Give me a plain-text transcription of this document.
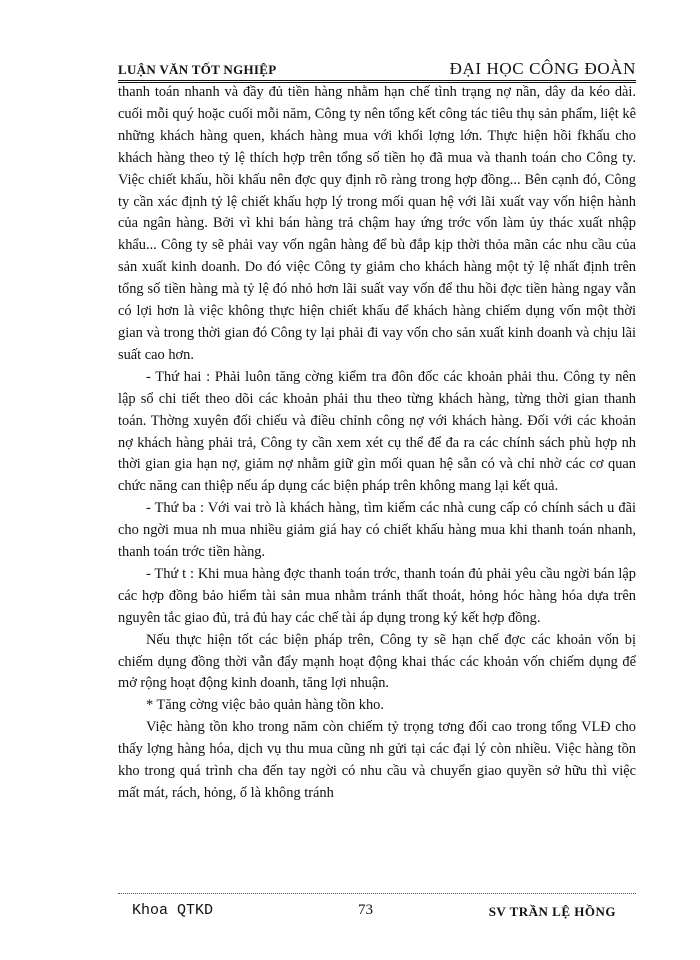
LUẬN VĂN TỐT NGHIỆP	ĐẠI HỌC CÔNG ĐOÀN

thanh toán nhanh và đầy đủ tiền hàng nhằm hạn chế tình trạng nợ nần, dây da kéo dài. cuối mỗi quý hoặc cuối mỗi năm, Công ty nên tổng kết công tác tiêu thụ sản phẩm, liệt kê những khách hàng quen, khách hàng mua với khối lợng lớn. Thực hiện hồi fkhấu cho khách hàng theo tỷ lệ thích hợp trên tổng số tiền họ đã mua và thanh toán cho Công ty. Việc chiết khấu, hồi khấu nên đợc quy định rõ ràng trong hợp đồng... Bên cạnh đó, Công ty cần xác định tỷ lệ chiết khấu hợp lý trong mối quan hệ với lãi xuất vay vốn hiện hành của ngân hàng. Bởi vì khi bán hàng trả chậm hay ứng trớc vốn làm ủy thác xuất nhập khẩu... Công ty sẽ phải vay vốn ngân hàng để bù đắp kịp thời thỏa mãn các nhu cầu của sản xuất kinh doanh. Do đó việc Công ty giảm cho khách hàng một tỷ lệ nhất định trên tổng số tiền hàng mà tỷ lệ đó nhỏ hơn lãi suất vay vốn để thu hồi đợc tiền hàng ngay vẫn có lợi hơn là việc không thực hiện chiết khấu để khách hàng chiếm dụng vốn một thời gian và trong thời gian đó Công ty lại phải đi vay vốn cho sản xuất kinh doanh và chịu lãi suất cao hơn.

- Thứ hai : Phải luôn tăng cờng kiểm tra đôn đốc các khoản phải thu. Công ty nên lập sổ chi tiết theo dõi các khoản phải thu theo từng khách hàng, từng thời gian thanh toán. Thờng xuyên đối chiếu và điều chỉnh công nợ với khách hàng. Đối với các khoản nợ khách hàng phải trả, Công ty cần xem xét cụ thể để đa ra các chính sách phù hợp nh thời gian gia hạn nợ, giảm nợ nhằm giữ gìn mối quan hệ sẵn có và chỉ nhờ các cơ quan chức năng can thiệp nếu áp dụng các biện pháp trên không mang lại kết quả.

- Thứ ba : Với vai trò là khách hàng, tìm kiếm các nhà cung cấp có chính sách u đãi cho ngời mua nh mua nhiều giảm giá hay có chiết khấu hàng mua khi thanh toán nhanh, thanh toán trớc tiền hàng.

- Thứ t : Khi mua hàng đợc thanh toán trớc, thanh toán đủ phải yêu cầu ngời bán lập các hợp đồng bảo hiểm tài sản mua nhằm tránh thất thoát, hỏng hóc hàng hóa dựa trên nguyên tắc giao đủ, trả đủ hay các chế tài áp dụng trong ký kết hợp đồng.

Nếu thực hiện tốt các biện pháp trên, Công ty sẽ hạn chế đợc các khoản vốn bị chiếm dụng đồng thời vẫn đẩy mạnh hoạt động khai thác các khoản vốn chiếm dụng để mở rộng hoạt động kinh doanh, tăng lợi nhuận.

* Tăng cờng việc bảo quản hàng tồn kho.

Việc hàng tồn kho trong năm còn chiếm tỷ trọng tơng đối cao trong tổng VLĐ cho thấy lợng hàng hóa, dịch vụ thu mua cũng nh gửi tại các đại lý còn nhiều. Việc hàng tồn kho trong quá trình cha đến tay ngời có nhu cầu và chuyển giao quyền sở hữu thì việc mất mát, rách, hỏng, ố là không tránh

Khoa QTKD	73	SV TRẦN LỆ HỒNG
